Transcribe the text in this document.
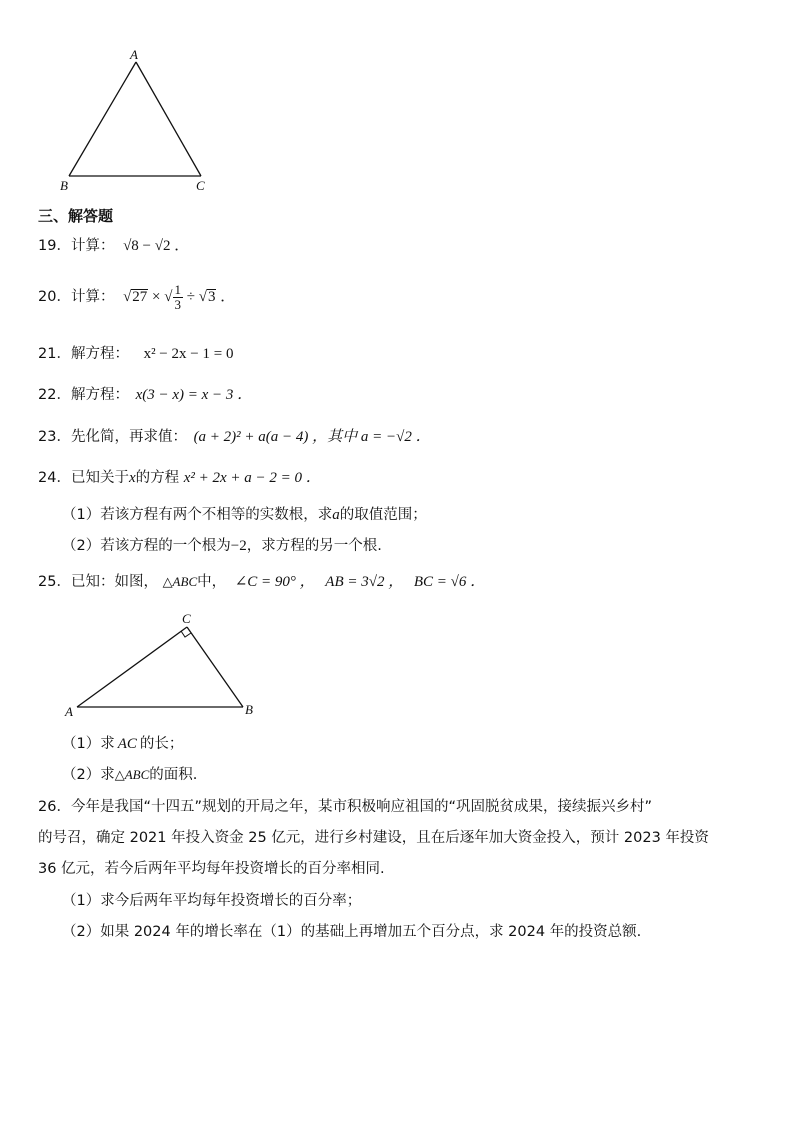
A
B	C
三、解答题
19．计算： √8 − √2 ．
20．计算： √27 × √ $\frac{1}{3} \div √3$ ．
21．解方程： x² − 2x − 1 = 0
22．解方程： x(3 − x) = x − 3 ．
23．先化简，再求值： (a + 2)² + a(a − 4) ，其中 a = −√2 ．
24．已知关于x的方程 x² + 2x + a − 2 = 0 ．
（1）若该方程有两个不相等的实数根，求a的取值范围；
（2）若该方程的一个根为−2，求方程的另一个根.
25．已知：如图， △ABC中， ∠C = 90° ， AB = 3√2 ， BC = √6 ．
C
A	B
（1）求 AC 的长；
（2）求△ABC的面积.
26．今年是我国“十四五”规划的开局之年，某市积极响应祖国的“巩固脱贫成果，接续振兴乡村”
的号召，确定 2021 年投入资金 25 亿元，进行乡村建设，且在后逐年加大资金投入，预计 2023 年投资
36 亿元，若今后两年平均每年投资增长的百分率相同.
（1）求今后两年平均每年投资增长的百分率；
（2）如果 2024 年的增长率在（1）的基础上再增加五个百分点，求 2024 年的投资总额.
